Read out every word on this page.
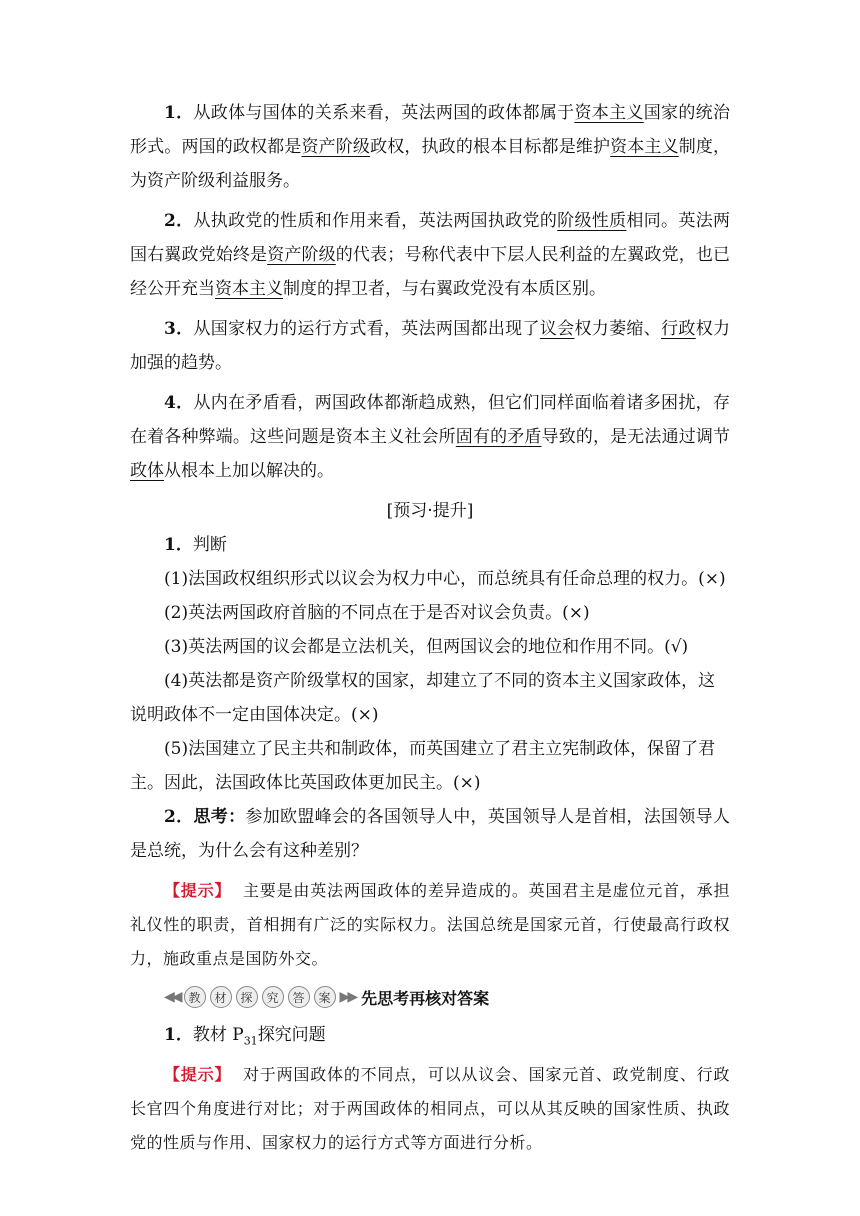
1．从政体与国体的关系来看，英法两国的政体都属于资本主义国家的统治形式。两国的政权都是资产阶级政权，执政的根本目标都是维护资本主义制度，为资产阶级利益服务。

2．从执政党的性质和作用来看，英法两国执政党的阶级性质相同。英法两国右翼政党始终是资产阶级的代表；号称代表中下层人民利益的左翼政党，也已经公开充当资本主义制度的捍卫者，与右翼政党没有本质区别。

3．从国家权力的运行方式看，英法两国都出现了议会权力萎缩、行政权力加强的趋势。

4．从内在矛盾看，两国政体都渐趋成熟，但它们同样面临着诸多困扰，存在着各种弊端。这些问题是资本主义社会所固有的矛盾导致的，是无法通过调节政体从根本上加以解决的。

[预习·提升]

1．判断

(1)法国政权组织形式以议会为权力中心，而总统具有任命总理的权力。(×)

(2)英法两国政府首脑的不同点在于是否对议会负责。(×)

(3)英法两国的议会都是立法机关，但两国议会的地位和作用不同。(√)

(4)英法都是资产阶级掌权的国家，却建立了不同的资本主义国家政体，这说明政体不一定由国体决定。(×)

(5)法国建立了民主共和制政体，而英国建立了君主立宪制政体，保留了君主。因此，法国政体比英国政体更加民主。(×)

2．思考：参加欧盟峰会的各国领导人中，英国领导人是首相，法国领导人是总统，为什么会有这种差别？

【提示】 主要是由英法两国政体的差异造成的。英国君主是虚位元首，承担礼仪性的职责，首相拥有广泛的实际权力。法国总统是国家元首，行使最高行政权力，施政重点是国防外交。

◀◀ 教	材	探	究	答	案 ▶▶ 先思考再核对答案

1．教材 $P_{31}$探究问题

【提示】 对于两国政体的不同点，可以从议会、国家元首、政党制度、行政长官四个角度进行对比；对于两国政体的相同点，可以从其反映的国家性质、执政党的性质与作用、国家权力的运行方式等方面进行分析。
